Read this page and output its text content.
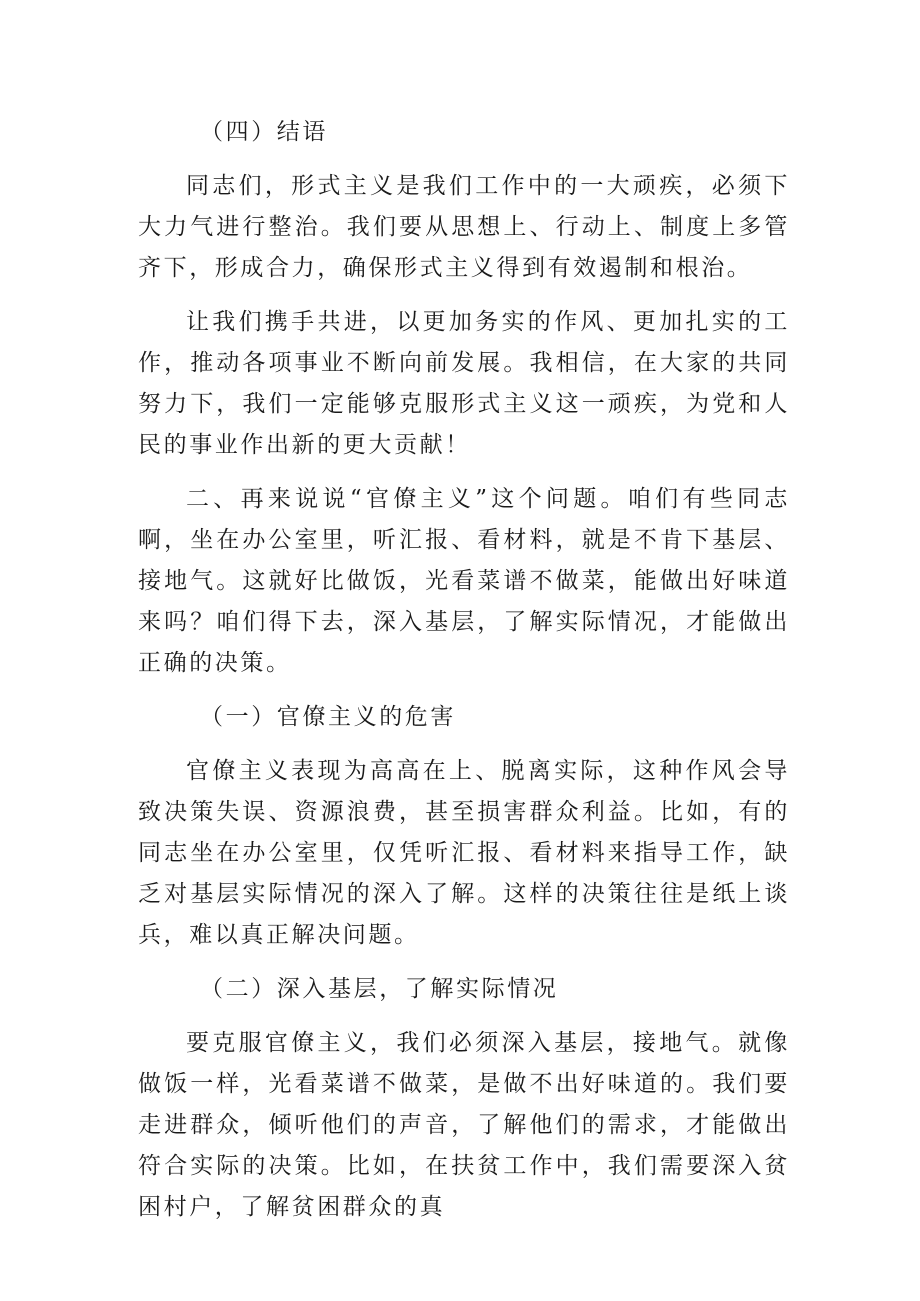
（四）结语

同志们，形式主义是我们工作中的一大顽疾，必须下大力气进行整治。我们要从思想上、行动上、制度上多管齐下，形成合力，确保形式主义得到有效遏制和根治。

让我们携手共进，以更加务实的作风、更加扎实的工作，推动各项事业不断向前发展。我相信，在大家的共同努力下，我们一定能够克服形式主义这一顽疾，为党和人民的事业作出新的更大贡献！

二、再来说说“官僚主义”这个问题。咱们有些同志啊，坐在办公室里，听汇报、看材料，就是不肯下基层、接地气。这就好比做饭，光看菜谱不做菜，能做出好味道来吗？咱们得下去，深入基层，了解实际情况，才能做出正确的决策。

（一）官僚主义的危害

官僚主义表现为高高在上、脱离实际，这种作风会导致决策失误、资源浪费，甚至损害群众利益。比如，有的同志坐在办公室里，仅凭听汇报、看材料来指导工作，缺乏对基层实际情况的深入了解。这样的决策往往是纸上谈兵，难以真正解决问题。

（二）深入基层，了解实际情况

要克服官僚主义，我们必须深入基层，接地气。就像做饭一样，光看菜谱不做菜，是做不出好味道的。我们要走进群众，倾听他们的声音，了解他们的需求，才能做出符合实际的决策。比如，在扶贫工作中，我们需要深入贫困村户，了解贫困群众的真
